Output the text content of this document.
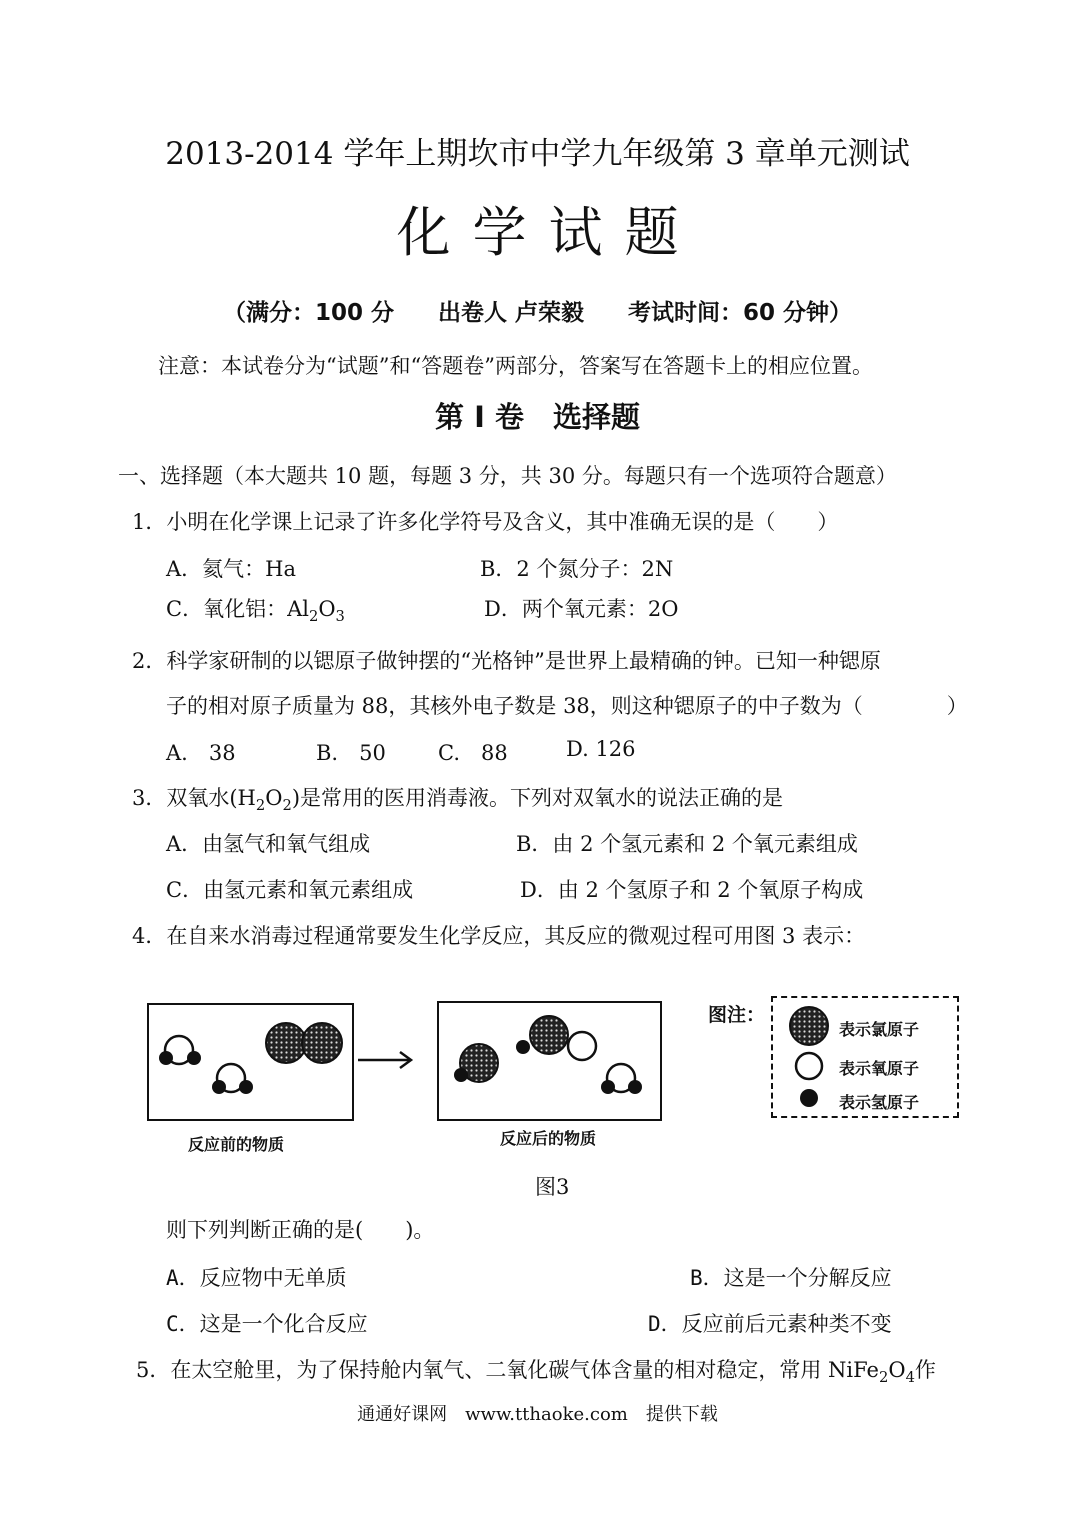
2013-2014 学年上期坎市中学九年级第 3 章单元测试
化学试题
（满分：100 分 出卷人 卢荣毅 考试时间：60 分钟）
注意：本试卷分为“试题”和“答题卷”两部分，答案写在答题卡上的相应位置。
第 I 卷　选择题
一、选择题（本大题共 10 题，每题 3 分，共 30 分。每题只有一个选项符合题意）
1．小明在化学课上记录了许多化学符号及含义，其中准确无误的是（　　）
A．氦气：Ha	B．2 个氮分子：2N
C．氧化铝：$Al_2O_3$	D．两个氧元素：2O
2．科学家研制的以锶原子做钟摆的“光格钟”是世界上最精确的钟。已知一种锶原
子的相对原子质量为 88，其核外电子数是 38，则这种锶原子的中子数为（　　　　）
A.　38	B.　50 C.　88	D. 126
3．双氧水$(H_2O_2)$是常用的医用消毒液。下列对双氧水的说法正确的是
A．由氢气和氧气组成	B．由 2 个氢元素和 2 个氧元素组成
C．由氢元素和氧元素组成	D．由 2 个氢原子和 2 个氧原子构成
4．在自来水消毒过程通常要发生化学反应，其反应的微观过程可用图 3 表示：
反应前的物质	反应后的物质
图注：
表示氯原子
表示氧原子
表示氢原子
图3
则下列判断正确的是(　　)。
A．反应物中无单质	B．这是一个分解反应
C．这是一个化合反应	D．反应前后元素种类不变
5．在太空舱里，为了保持舱内氧气、二氧化碳气体含量的相对稳定，常用 $NiFe_2O_4$作
通通好课网　www.tthaoke.com　提供下载
